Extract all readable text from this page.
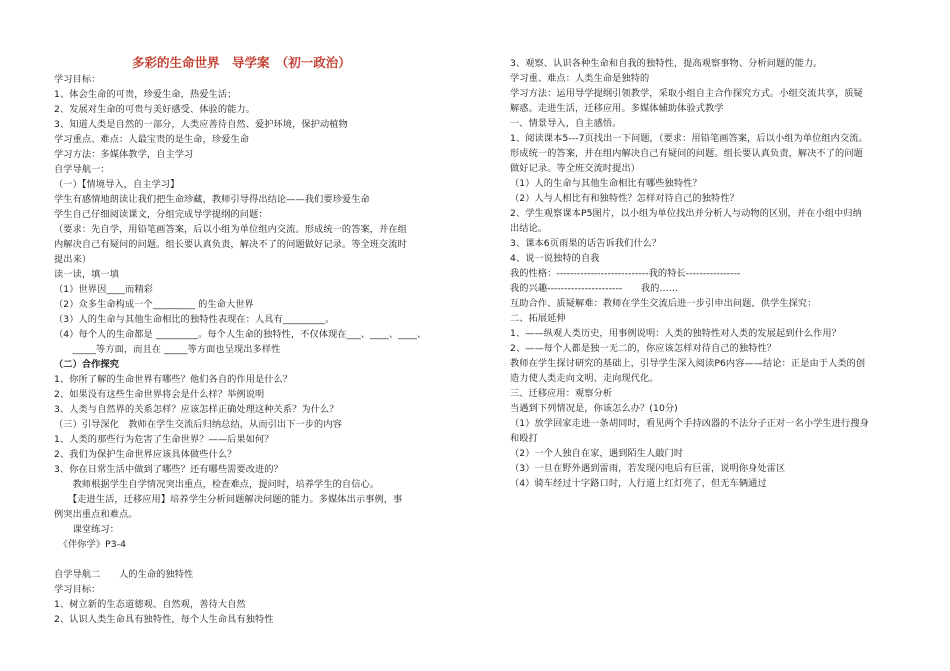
多彩的生命世界　导学案　（初一政治）
学习目标：
1、体会生命的可贵，珍爱生命，热爱生活；
2、发展对生命的可贵与美好感受、体验的能力。
3、知道人类是自然的一部分，人类应善待自然、爱护环境，保护动植物
学习重点、难点：人最宝贵的是生命，珍爱生命
学习方法：多媒体教学，自主学习
自学导航一：
（一）【情境导入，自主学习】
学生有感情地朗读让我们把生命珍藏，教师引导得出结论——我们要珍爱生命
学生自己仔细阅读课文，分组完成导学提纲的问题：
（要求：先自学，用铅笔画答案，后以小组为单位组内交流。形成统一的答案，并在组
内解决自己有疑问的问题。组长要认真负责，解决不了的问题做好记录。等全班交流时
提出来）
读一读，填一填
（1）世界因____而精彩
（2）众多生命构成一个_________ 的生命大世界
（3）人的生命与其他生命相比的独特性表现在：人具有_________。
（4）每个人的生命都是 _________。每个人生命的独特性，不仅体现在___、____、____、
　　_____等方面，而且在 _____等方面也呈现出多样性
（二）合作探究
1、你所了解的生命世界有哪些？他们各自的作用是什么？
2、如果没有这些生命世界将会是什么样？举例说明
3、人类与自然界的关系怎样？应该怎样正确处理这种关系？为什么？
（三）引导深化　教师在学生交流后归纳总结，从而引出下一步的内容
1、人类的那些行为危害了生命世界？——后果如何？
2、我们为保护生命世界应该具体做些什么？
3、你在日常生活中做到了哪些？还有哪些需要改进的？
　　教师根据学生自学情况突出重点，检查难点，提问时，培养学生的自信心。
　　【走进生活，迁移应用】培养学生分析问题解决问题的能力。多媒体出示事例，事
例突出重点和难点。
　　课堂练习：
　《伴你学》P3-4
自学导航二　　人的生命的独特性
学习目标：
1、树立新的生态道德观、自然观，善待大自然
2、认识人类生命具有独特性，每个人生命具有独特性
3、观察、认识各种生命和自我的独特性，提高观察事物、分析问题的能力。
学习重、难点：人类生命是独特的
学习方法：运用导学提纲引领教学，采取小组自主合作探究方式。小组交流共享，质疑
解惑。走进生活，迁移应用。多媒体辅助体验式教学
一、情景导入，自主感悟。
1、阅读课本5---7页找出一下问题，（要求：用铅笔画答案，后以小组为单位组内交流。
形成统一的答案，并在组内解决自己有疑问的问题。组长要认真负责，解决不了的问题
做好记录。等全班交流时提出）
（1）人的生命与其他生命相比有哪些独特性？
（2）人与人相比有和独特性？怎样对待自己的独特性？
2、学生观察课本P5图片，以小组为单位找出并分析人与动物的区别，并在小组中归纳
出结论。
3、课本6页雨果的话告诉我们什么？
4、说一说独特的自我
我的性格：---------------------------我的特长----------------
我的兴趣----------------------　　我的……
互助合作、质疑解难：教师在学生交流后进一步引申出问题，供学生探究：
二、拓展延伸
1、——纵观人类历史，用事例说明：人类的独特性对人类的发展起到什么作用？
2、——每个人都是独一无二的，你应该怎样对待自己的独特性？
教师在学生探讨研究的基础上，引导学生深入阅读P6内容——结论：正是由于人类的创
造力使人类走向文明、走向现代化。
三、迁移应用：观察分析
当遇到下列情况是，你该怎么办？(10分)
（1）放学回家走进一条胡同时，看见两个手持凶器的不法分子正对一名小学生进行搜身
和殴打
（2）一个人独自在家，遇到陌生人敲门时
（3）一旦在野外遇到雷雨，若发现闪电后有巨雷，说明你身处雷区
（4）骑车经过十字路口时，人行道上红灯亮了，但无车辆通过
